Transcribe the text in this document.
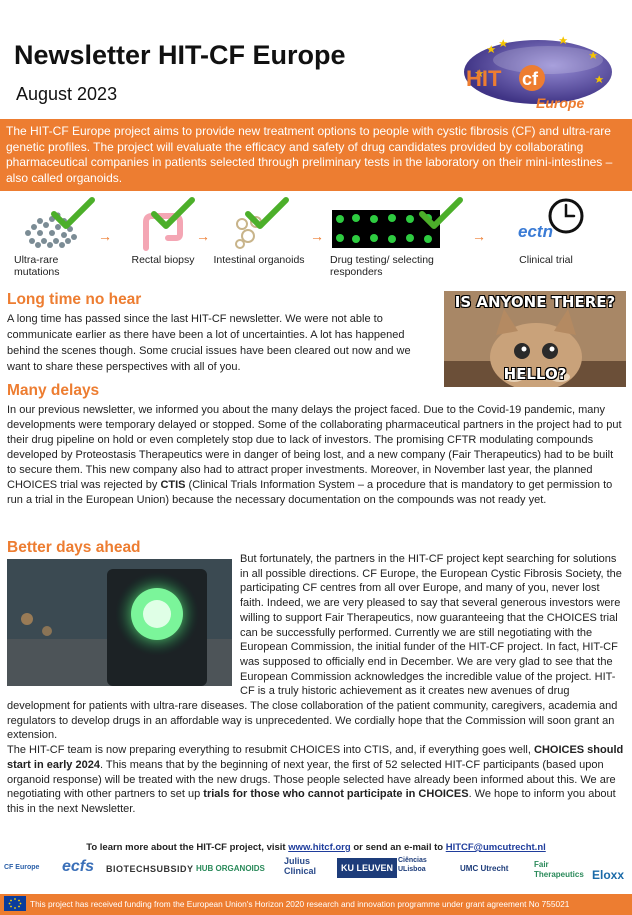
Newsletter HIT-CF Europe
August 2023
HIT cf
Europe
The HIT-CF Europe project aims to provide new treatment options to people with cystic fibrosis (CF) and ultra-rare genetic profiles. The project will evaluate the efficacy and safety of drug candidates provided by collaborating pharmaceutical companies in patients selected through preliminary tests in the laboratory on their mini-intestines – also called organoids.
Ultra-rare mutations
→
Rectal biopsy
→
Intestinal organoids
→
Drug testing/ selecting responders
→ ectn
Clinical trial
Long time no hear

A long time has passed since the last HIT-CF newsletter. We were not able to communicate earlier as there have been a lot of uncertainties. A lot has happened behind the scenes though. Some crucial issues have been cleared out now and we want to share these perspectives with all of you.

IS ANYONE THERE?
HELLO?
Many delays

In our previous newsletter, we informed you about the many delays the project faced. Due to the Covid-19 pandemic, many developments were temporary delayed or stopped. Some of the collaborating pharmaceutical partners in the project had to put their drug pipeline on hold or even completely stop due to lack of investors. The promising CFTR modulating compounds developed by Proteostasis Therapeutics were in danger of being lost, and a new company (Fair Therapeutics) had to be built to secure them. This new company also had to attract proper investments. Moreover, in November last year, the planned CHOICES trial was rejected by CTIS (Clinical Trials Information System – a procedure that is mandatory to get permission to run a trial in the European Union) because the necessary documentation on the compounds was not ready yet.

Better days ahead

But fortunately, the partners in the HIT-CF project kept searching for solutions in all possible directions. CF Europe, the European Cystic Fibrosis Society, the participating CF centres from all over Europe, and many of you, never lost faith. Indeed, we are very pleased to say that several generous investors were willing to support Fair Therapeutics, now guaranteeing that the CHOICES trial can be successfully performed. Currently we are still negotiating with the European Commission, the initial funder of the HIT-CF project. In fact, HIT-CF was supposed to officially end in December. We are very glad to see that the European Commission acknowledges the incredible value of the project. HIT-CF is a truly historic achievement as it creates new avenues of drug development for patients with ultra-rare diseases. The close collaboration of the patient community, caregivers, academia and regulators to develop drugs in an affordable way is unprecedented. We cordially hope that the Commission will soon grant an extension.
The HIT-CF team is now preparing everything to resubmit CHOICES into CTIS, and, if everything goes well, CHOICES should start in early 2024. This means that by the beginning of next year, the first of 52 selected HIT-CF participants (based upon organoid response) will be treated with the new drugs. Those people selected have already been informed about this. We are negotiating with other partners to set up trials for those who cannot participate in CHOICES. We hope to inform you about this in the next Newsletter.

To learn more about the HIT-CF project, visit www.hitcf.org or send an e-mail to HITCF@umcutrecht.nl
CF Europe ecfs BIOTECHSUBSIDY HUB ORGANOIDS
Julius Clinical	KU LEUVEN
Ciências ULisboa	UMC Utrecht	Fair Therapeutics Eloxx
This project has received funding from the European Union's Horizon 2020 research and innovation programme under grant agreement No 755021
